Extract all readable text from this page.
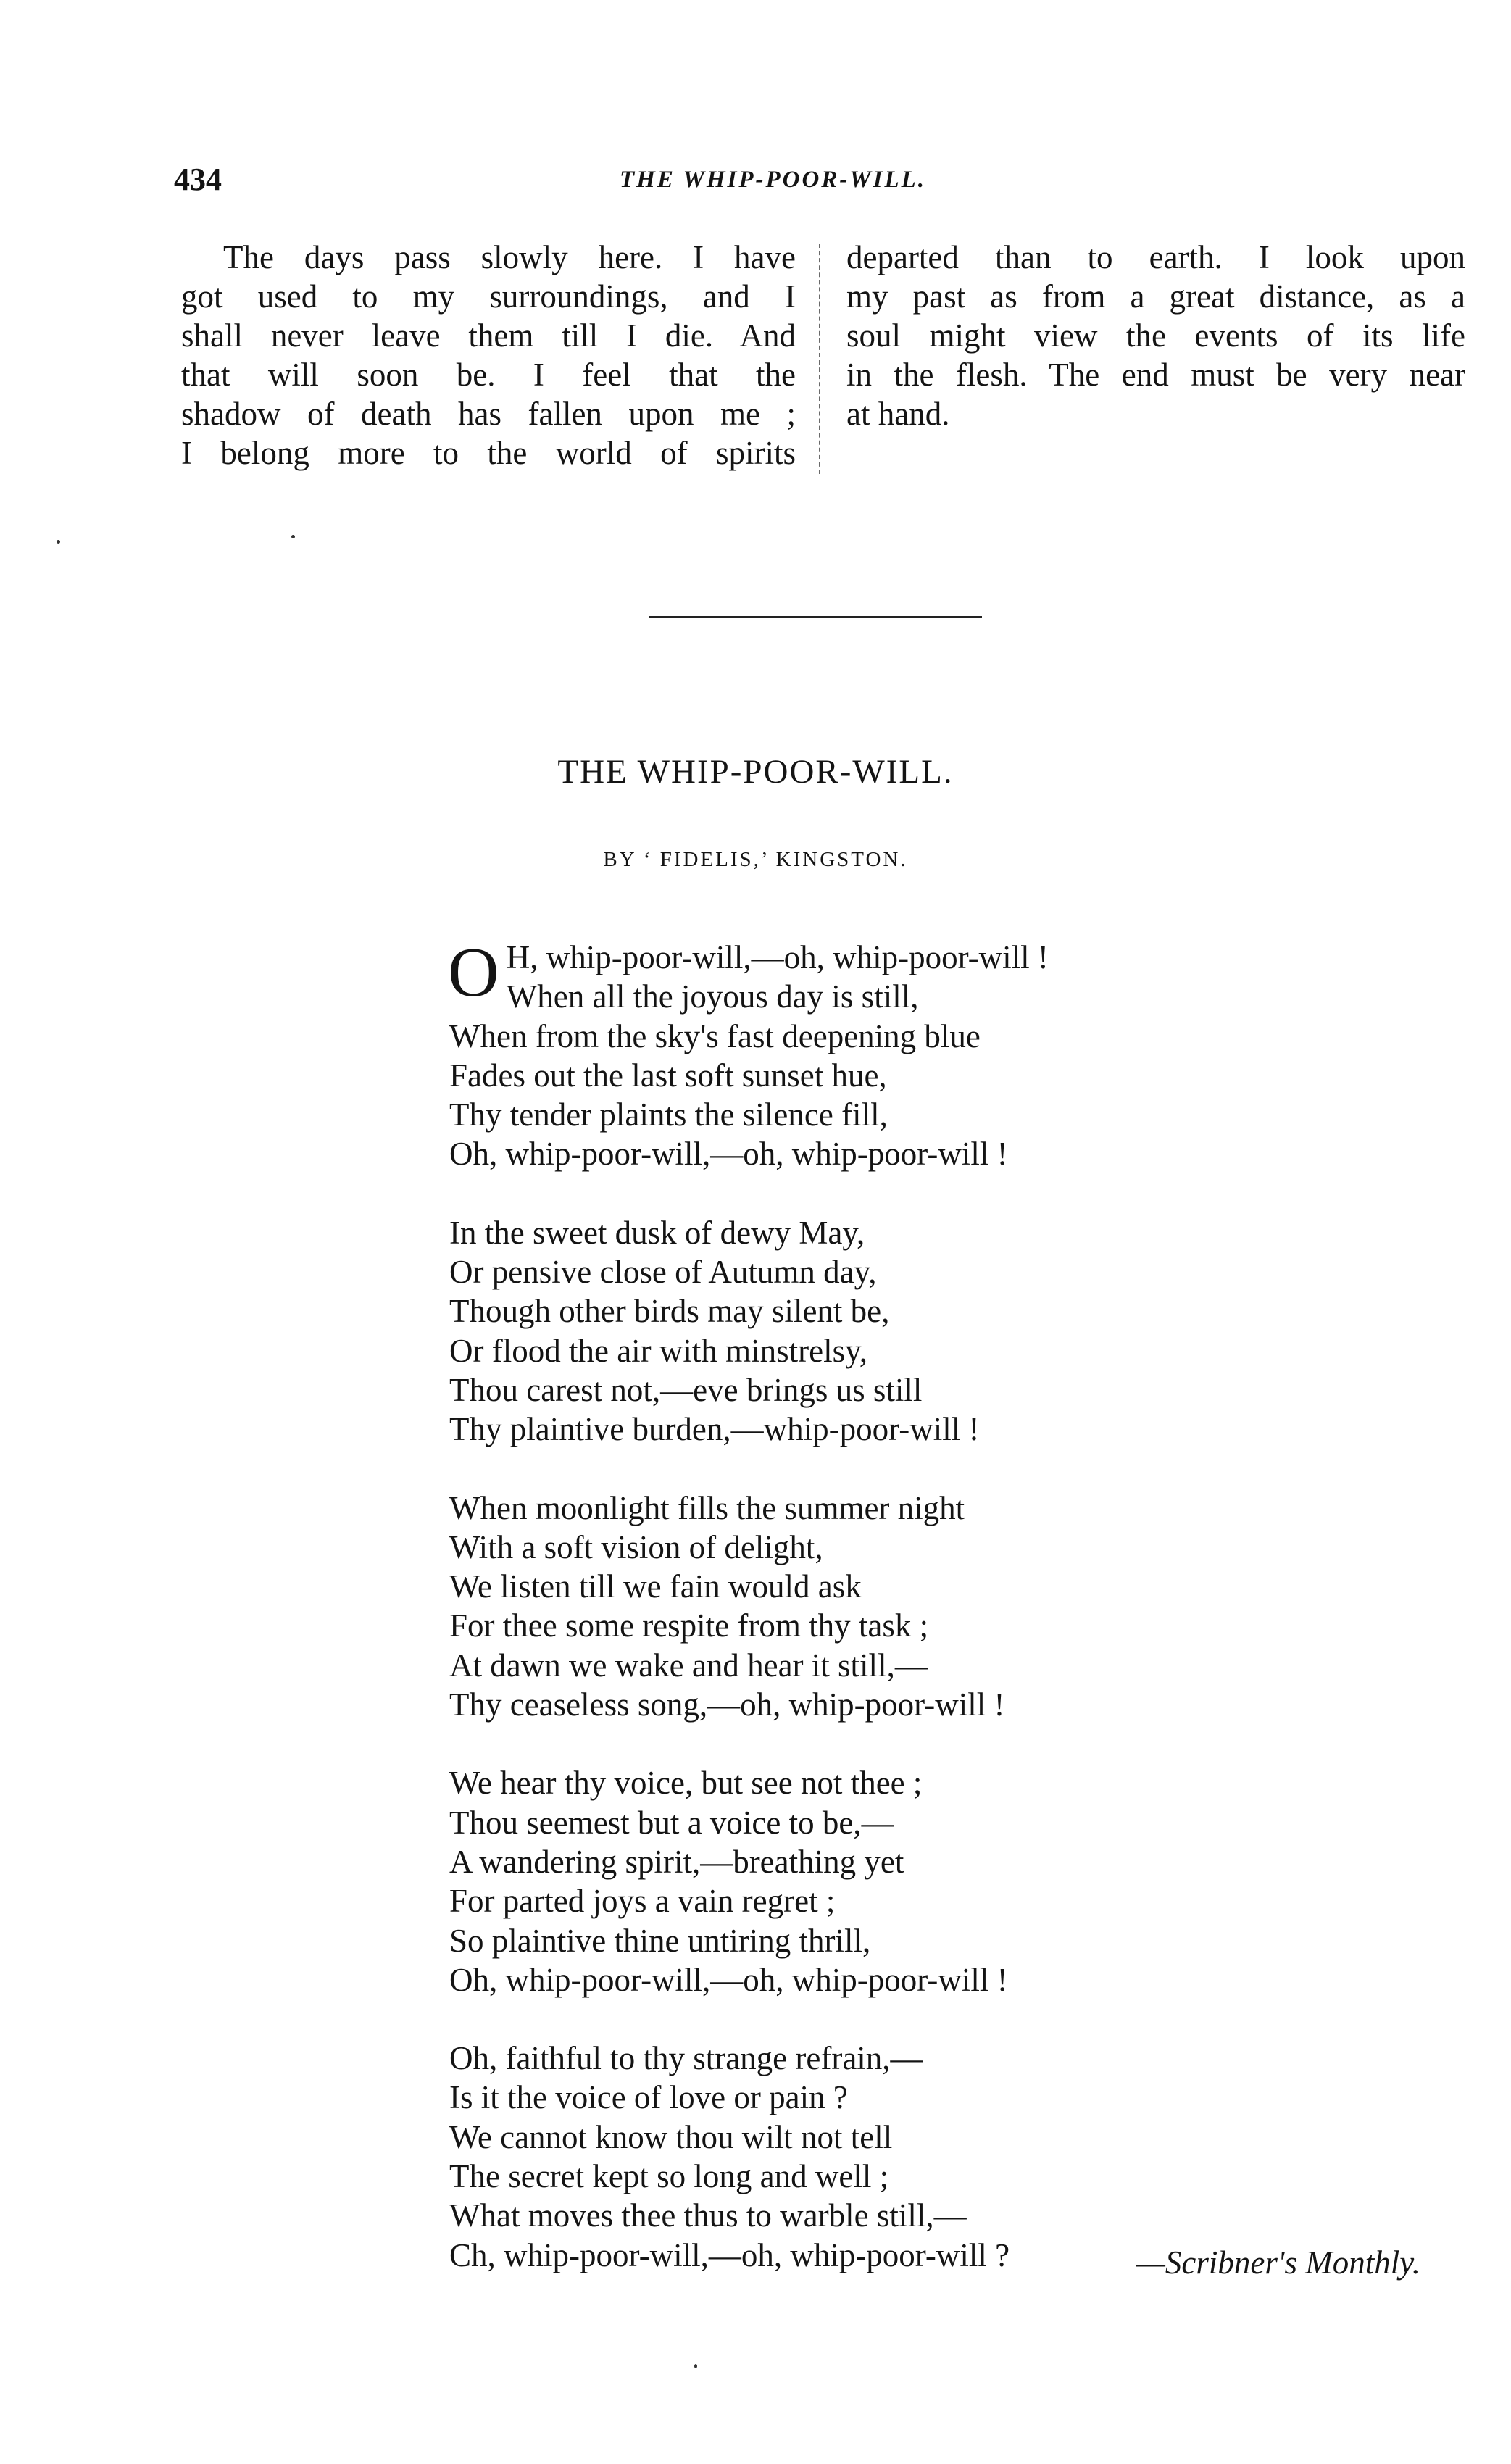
434	THE WHIP-POOR-WILL.
The days pass slowly here. I have
got used to my surroundings, and I
shall never leave them till I die. And
that will soon be. I feel that the
shadow of death has fallen upon me ;
I belong more to the world of spirits
departed than to earth. I look upon
my past as from a great distance, as a
soul might view the events of its life
in the flesh. The end must be very near
at hand.
THE WHIP-POOR-WILL.
BY ‘ FIDELIS,’ KINGSTON.
O H, whip-poor-will,—oh, whip-poor-will !
When all the joyous day is still,
When from the sky's fast deepening blue
Fades out the last soft sunset hue,
Thy tender plaints the silence fill,
Oh, whip-poor-will,—oh, whip-poor-will !
In the sweet dusk of dewy May,
Or pensive close of Autumn day,
Though other birds may silent be,
Or flood the air with minstrelsy,
Thou carest not,—eve brings us still
Thy plaintive burden,—whip-poor-will !
When moonlight fills the summer night
With a soft vision of delight,
We listen till we fain would ask
For thee some respite from thy task ;
At dawn we wake and hear it still,—
Thy ceaseless song,—oh, whip-poor-will !
We hear thy voice, but see not thee ;
Thou seemest but a voice to be,—
A wandering spirit,—breathing yet
For parted joys a vain regret ;
So plaintive thine untiring thrill,
Oh, whip-poor-will,—oh, whip-poor-will !
Oh, faithful to thy strange refrain,—
Is it the voice of love or pain ?
We cannot know thou wilt not tell
The secret kept so long and well ;
What moves thee thus to warble still,—
Ch, whip-poor-will,—oh, whip-poor-will ?	—Scribner's Monthly.
